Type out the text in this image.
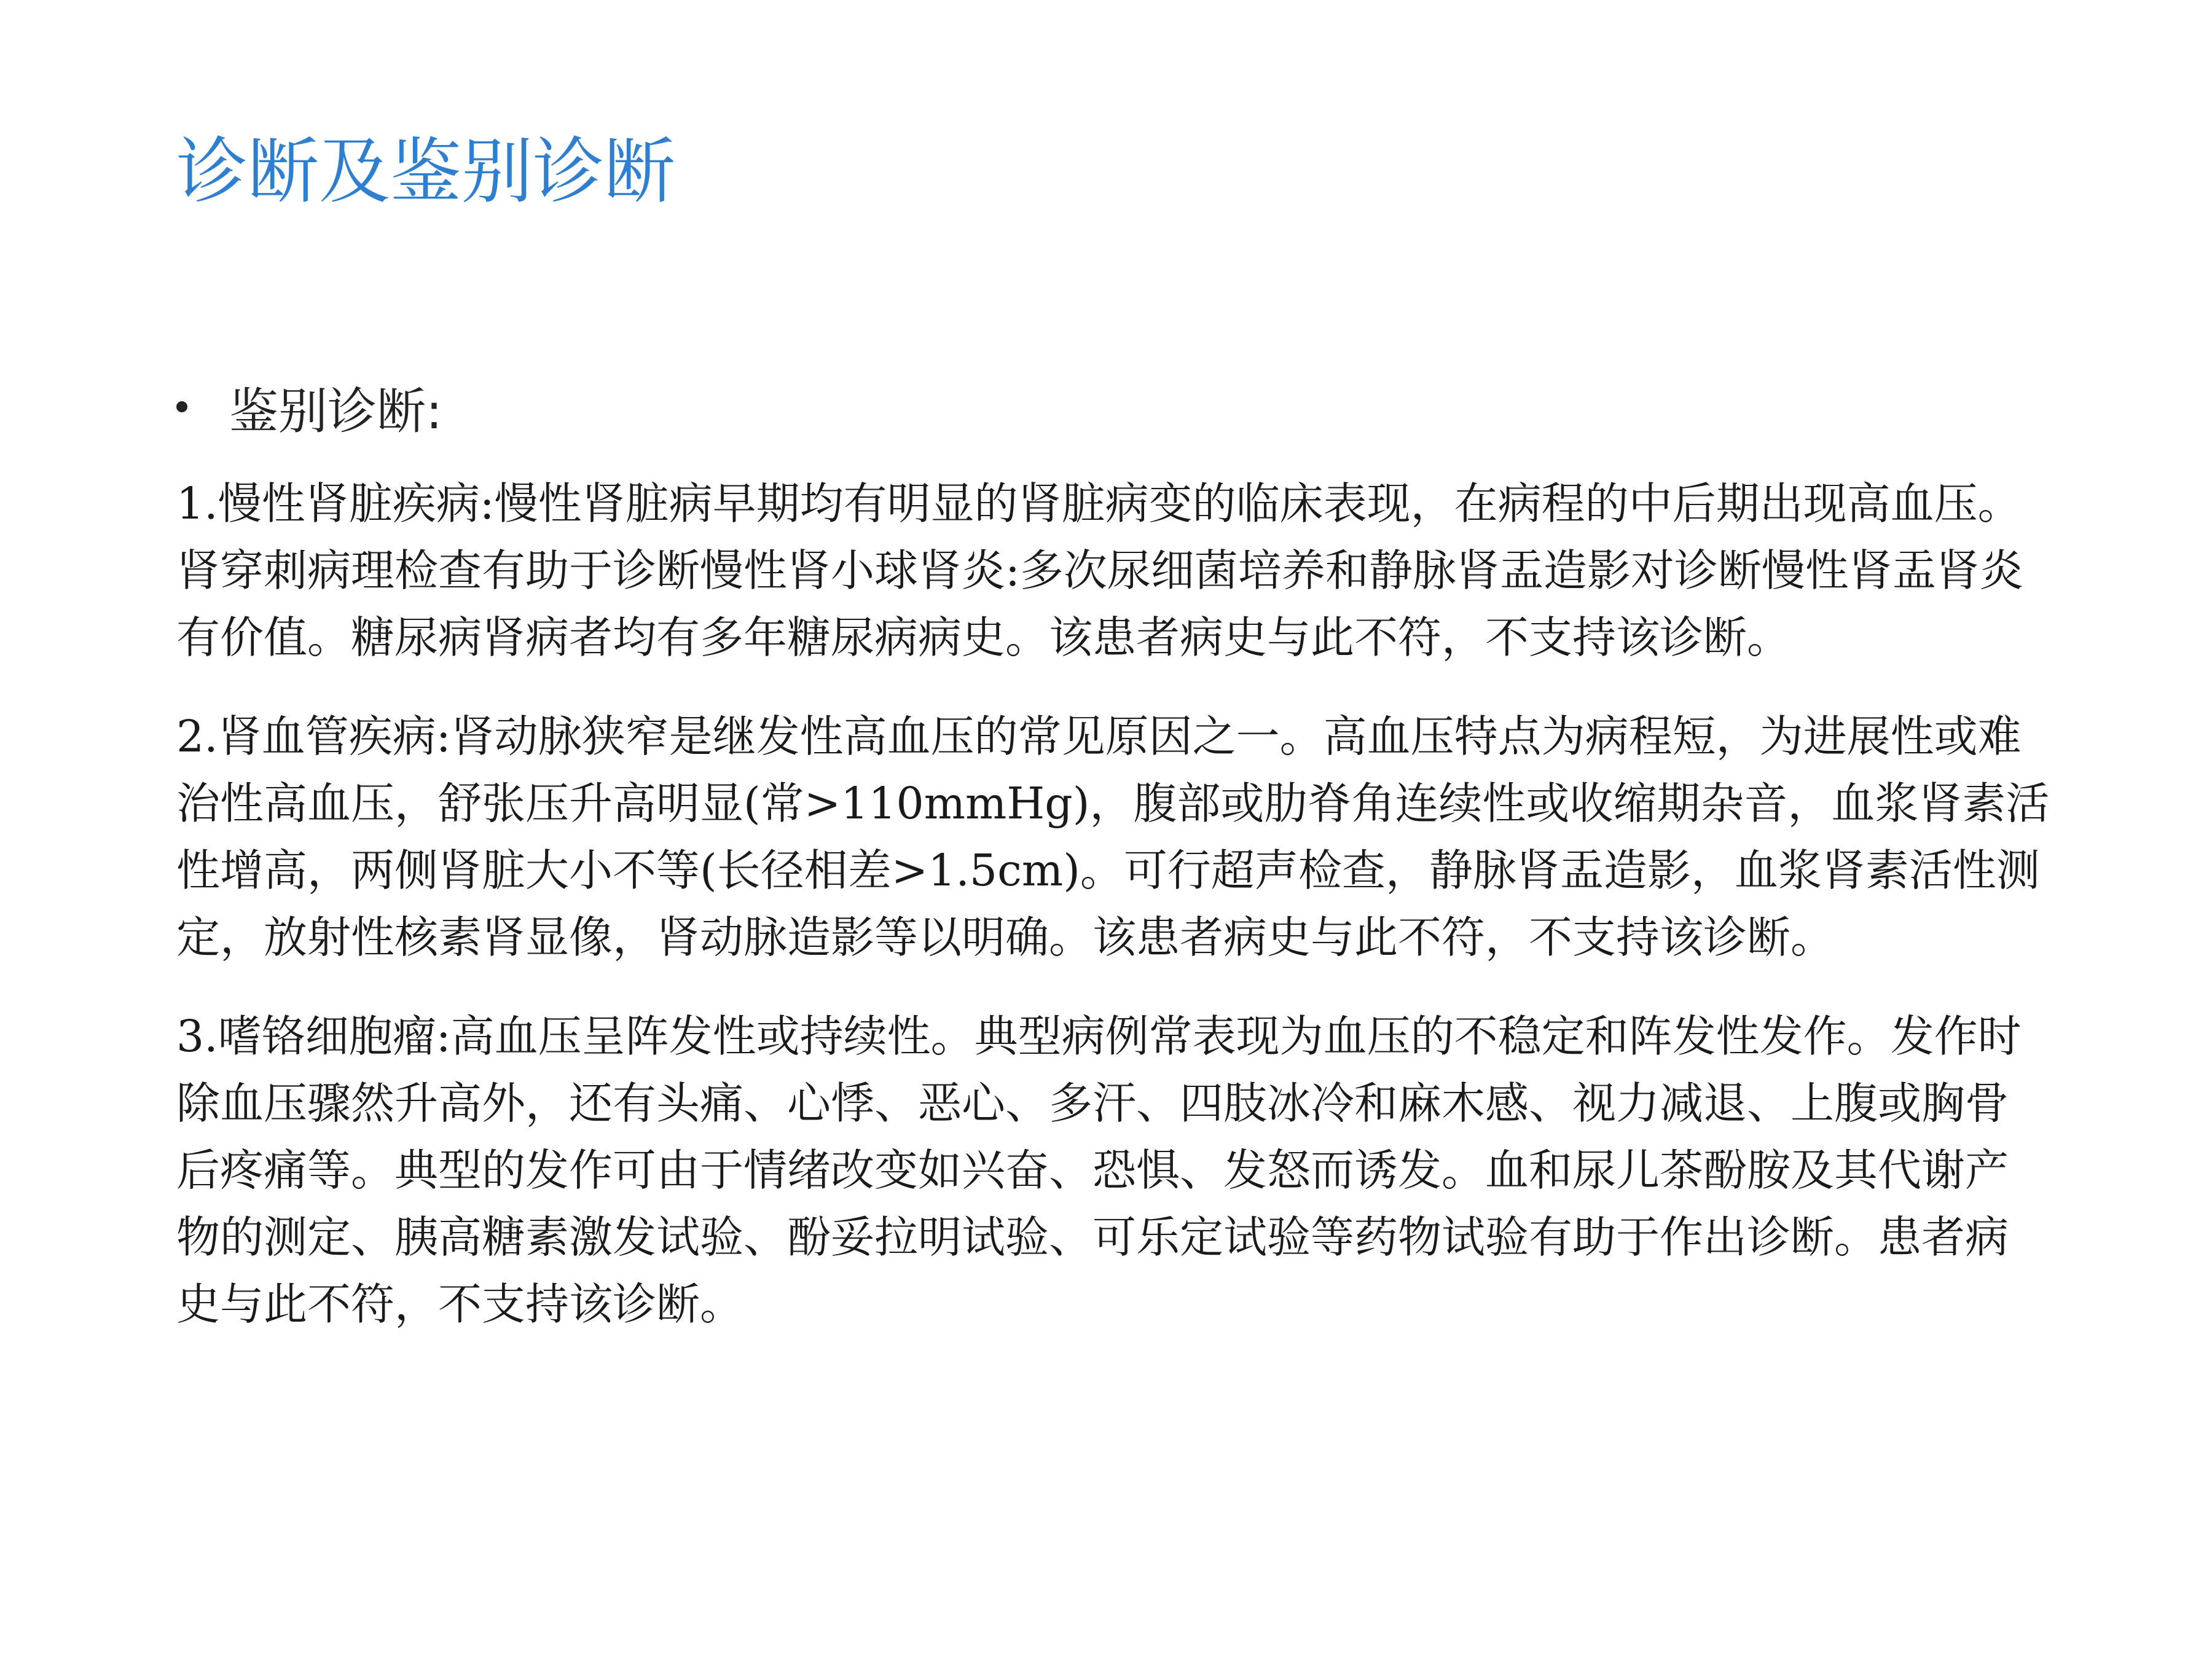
诊断及鉴别诊断
鉴别诊断:

1.慢性肾脏疾病:慢性肾脏病早期均有明显的肾脏病变的临床表现，在病程的中后期出现高血压。肾穿刺病理检查有助于诊断慢性肾小球肾炎:多次尿细菌培养和静脉肾盂造影对诊断慢性肾盂肾炎有价值。糖尿病肾病者均有多年糖尿病病史。该患者病史与此不符，不支持该诊断。

2.肾血管疾病:肾动脉狭窄是继发性高血压的常见原因之一。高血压特点为病程短，为进展性或难治性高血压，舒张压升高明显(常>110mmHg)，腹部或肋脊角连续性或收缩期杂音，血浆肾素活性增高，两侧肾脏大小不等(长径相差>1.5cm)。可行超声检查，静脉肾盂造影，血浆肾素活性测定，放射性核素肾显像，肾动脉造影等以明确。该患者病史与此不符，不支持该诊断。

3.嗜铬细胞瘤:高血压呈阵发性或持续性。典型病例常表现为血压的不稳定和阵发性发作。发作时除血压骤然升高外，还有头痛、心悸、恶心、多汗、四肢冰冷和麻木感、视力减退、上腹或胸骨后疼痛等。典型的发作可由于情绪改变如兴奋、恐惧、发怒而诱发。血和尿儿茶酚胺及其代谢产物的测定、胰高糖素激发试验、酚妥拉明试验、可乐定试验等药物试验有助于作出诊断。患者病史与此不符，不支持该诊断。
